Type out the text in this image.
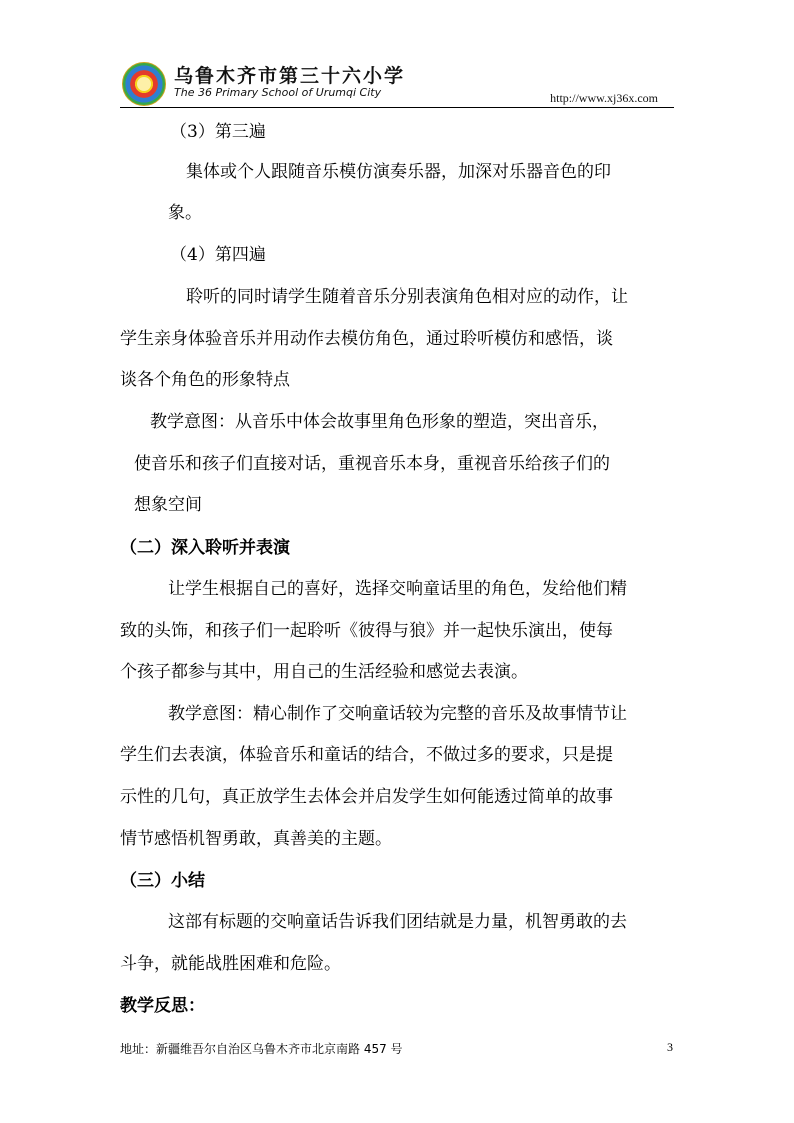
乌鲁木齐市第三十六小学
The 36 Primary School of Urumqi City	http://www.xj36x.com
（3）第三遍
集体或个人跟随音乐模仿演奏乐器，加深对乐器音色的印
象。
（4）第四遍
聆听的同时请学生随着音乐分别表演角色相对应的动作，让
学生亲身体验音乐并用动作去模仿角色，通过聆听模仿和感悟，谈
谈各个角色的形象特点
教学意图：从音乐中体会故事里角色形象的塑造，突出音乐，
使音乐和孩子们直接对话，重视音乐本身，重视音乐给孩子们的
想象空间
（二）深入聆听并表演
让学生根据自己的喜好，选择交响童话里的角色，发给他们精
致的头饰，和孩子们一起聆听《彼得与狼》并一起快乐演出，使每
个孩子都参与其中，用自己的生活经验和感觉去表演。
教学意图：精心制作了交响童话较为完整的音乐及故事情节让
学生们去表演，体验音乐和童话的结合，不做过多的要求，只是提
示性的几句，真正放学生去体会并启发学生如何能透过简单的故事
情节感悟机智勇敢，真善美的主题。
（三）小结
这部有标题的交响童话告诉我们团结就是力量，机智勇敢的去
斗争，就能战胜困难和危险。
教学反思：
地址：新疆维吾尔自治区乌鲁木齐市北京南路 457 号	3
